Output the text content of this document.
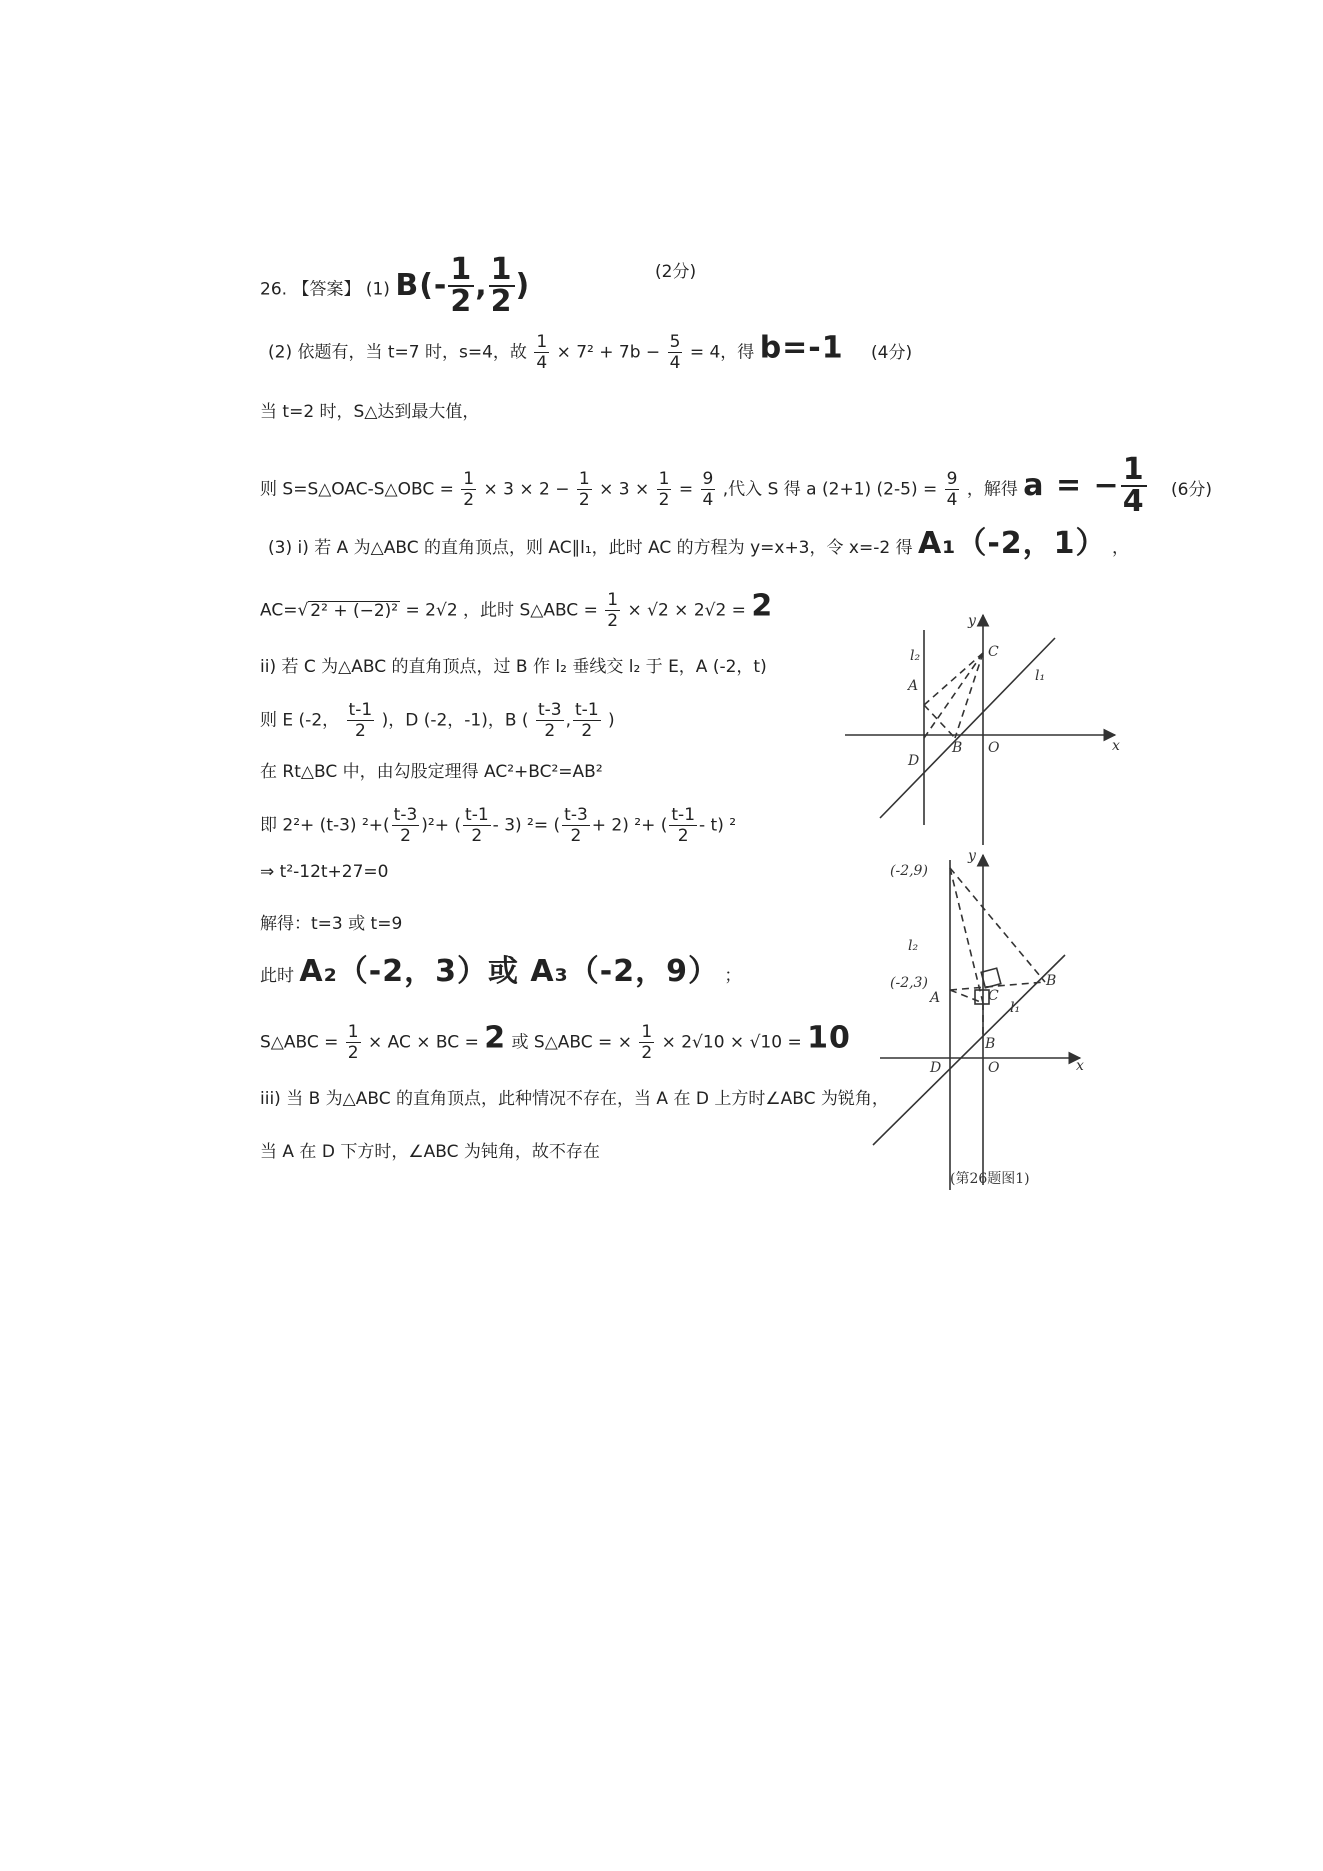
26. 【答案】 (1) $B(- \frac{1}{2}$ , $\frac{1}{2}$ )	(2分)
(2) 依题有，当 t=7 时，s=4，故 $\frac{1}{4} \times 7^2 + 7b - \frac{5}{4} = 4$，得 b=-1 (4分)
当 t=2 时，S△达到最大值，
则 S=S△OAC-S△OBC = $\frac{1}{2} \times 3 \times 2 - \frac{1}{2} \times 3 \times \frac{1}{2} = \frac{9}{4}$ ,代入 S 得 a (2+1) $(2-5) = \frac{9}{4}$ ，解得 a = − $\frac{1}{4} (6$分)
(3) i) 若 A 为△ABC 的直角顶点，则 AC∥l₁，此时 AC 的方程为 y=x+3，令 x=-2 得 A₁（-2，1） ，
AC=√ 2² + (−2)² = 2√2 ，此时 S△ABC = $\frac{1}{2} \times √2 \times 2√2 = 2$
ii) 若 C 为△ABC 的直角顶点，过 B 作 l₂ 垂线交 l₂ 于 E，A (-2，t)
则 E (-2， $\frac{t-1}{2}$ )，D (-2，-1)，B ( $\frac{t-3}{2}$ , $\frac{t-1}{2}$ )
在 Rt△BC 中，由勾股定理得 AC²+BC²=AB²
即 2²+ (t-3) $^2+( \frac{t-3}{2} )^2+$ ( $\frac{t-1}{2} - 3$) ²= ( $\frac{t-3}{2} + 2$) ²+ ( $\frac{t-1}{2} - t$) ²
⇒ t²-12t+27=0
解得：t=3 或 t=9
此时 A₂（-2，3）或 A₃（-2，9） ；
S△ABC = $\frac{1}{2}$ × AC × BC = 2 或 S△ABC = × $\frac{1}{2} \times 2√10 \times √10 = 10$
iii) 当 B 为△ABC 的直角顶点，此种情况不存在，当 A 在 D 上方时∠ABC 为锐角，
当 A 在 D 下方时，∠ABC 为钝角，故不存在
y
x
l₂
l₁
C
A
B
D
O
y
x
(-2,9)
(-2,3)
l₂
l₁
C
A
B
B
D	O
(第26题图1)
